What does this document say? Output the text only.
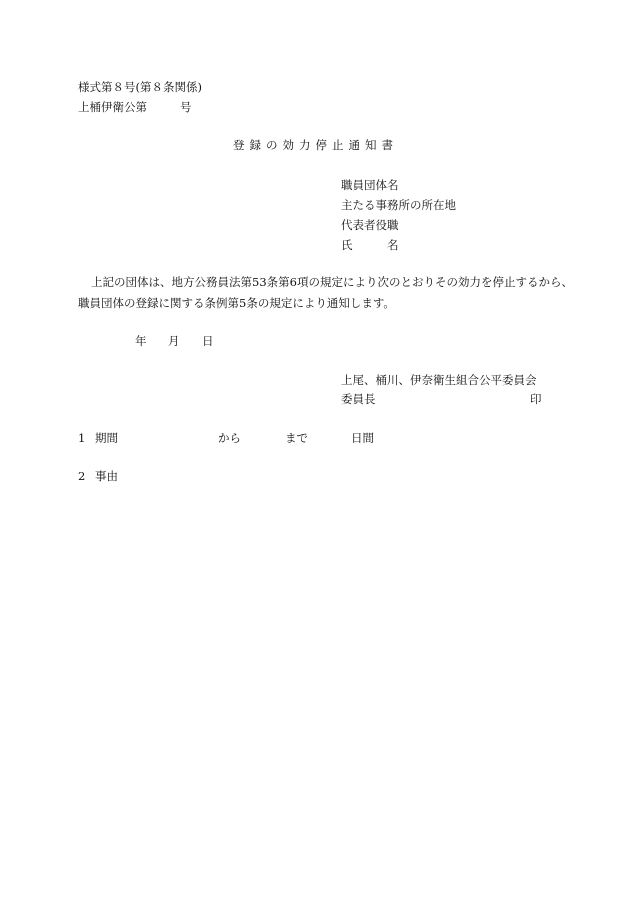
様式第８号(第８条関係)
上桶伊衛公第	号
登録の効力停止通知書
職員団体名
主たる事務所の所在地
代表者役職
氏	名
上記の団体は、地方公務員法第53条第6項の規定により次のとおりその効力を停止するから、
職員団体の登録に関する条例第5条の規定により通知します。
年 月 日
上尾、桶川、伊奈衛生組合公平委員会
委員長	印
1 期間	から	まで	日間
2 事由
